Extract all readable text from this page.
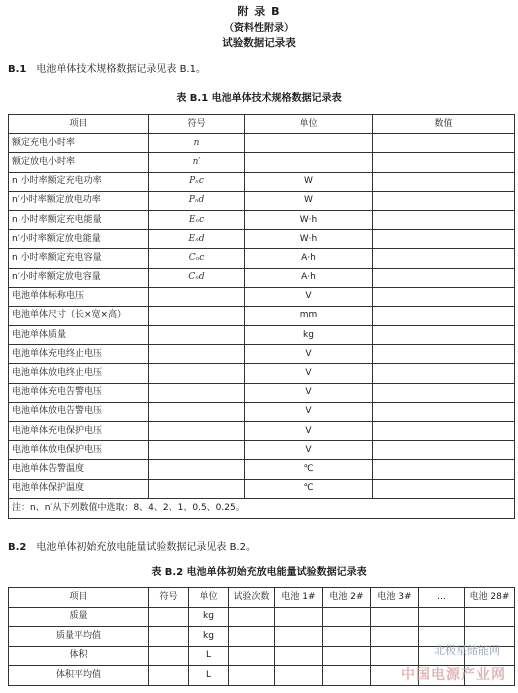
附 录 B
（资料性附录）
试验数据记录表
B.1 电池单体技术规格数据记录见表 B.1。
表 B.1 电池单体技术规格数据记录表
项目	符号	单位	数值
额定充电小时率	n		
额定放电小时率	n′		
n 小时率额定充电功率	Pₙc	W	
n′小时率额定放电功率	Pₙd	W	
n 小时率额定充电能量	Eₙc	W·h	
n′小时率额定放电能量	Eₙd	W·h	
n 小时率额定充电容量	Cₙc	A·h	
n′小时率额定放电容量	Cₙd	A·h	
电池单体标称电压		V	
电池单体尺寸（长×宽×高）		mm	
电池单体质量		kg	
电池单体充电终止电压		V	
电池单体放电终止电压		V	
电池单体充电告警电压		V	
电池单体放电告警电压		V	
电池单体充电保护电压		V	
电池单体放电保护电压		V	
电池单体告警温度		℃	
电池单体保护温度		℃	
注：n、n′从下列数值中选取：8、4、2、1、0.5、0.25。			
B.2 电池单体初始充放电能量试验数据记录见表 B.2。
表 B.2 电池单体初始充放电能量试验数据记录表
项目	符号	单位	试验次数	电池 1#	电池 2#	电池 3#	…	电池 28#
质量		kg						
质量平均值		kg						
体积		L						
体积平均值		L						
北极星储能网
中国电源产业网
